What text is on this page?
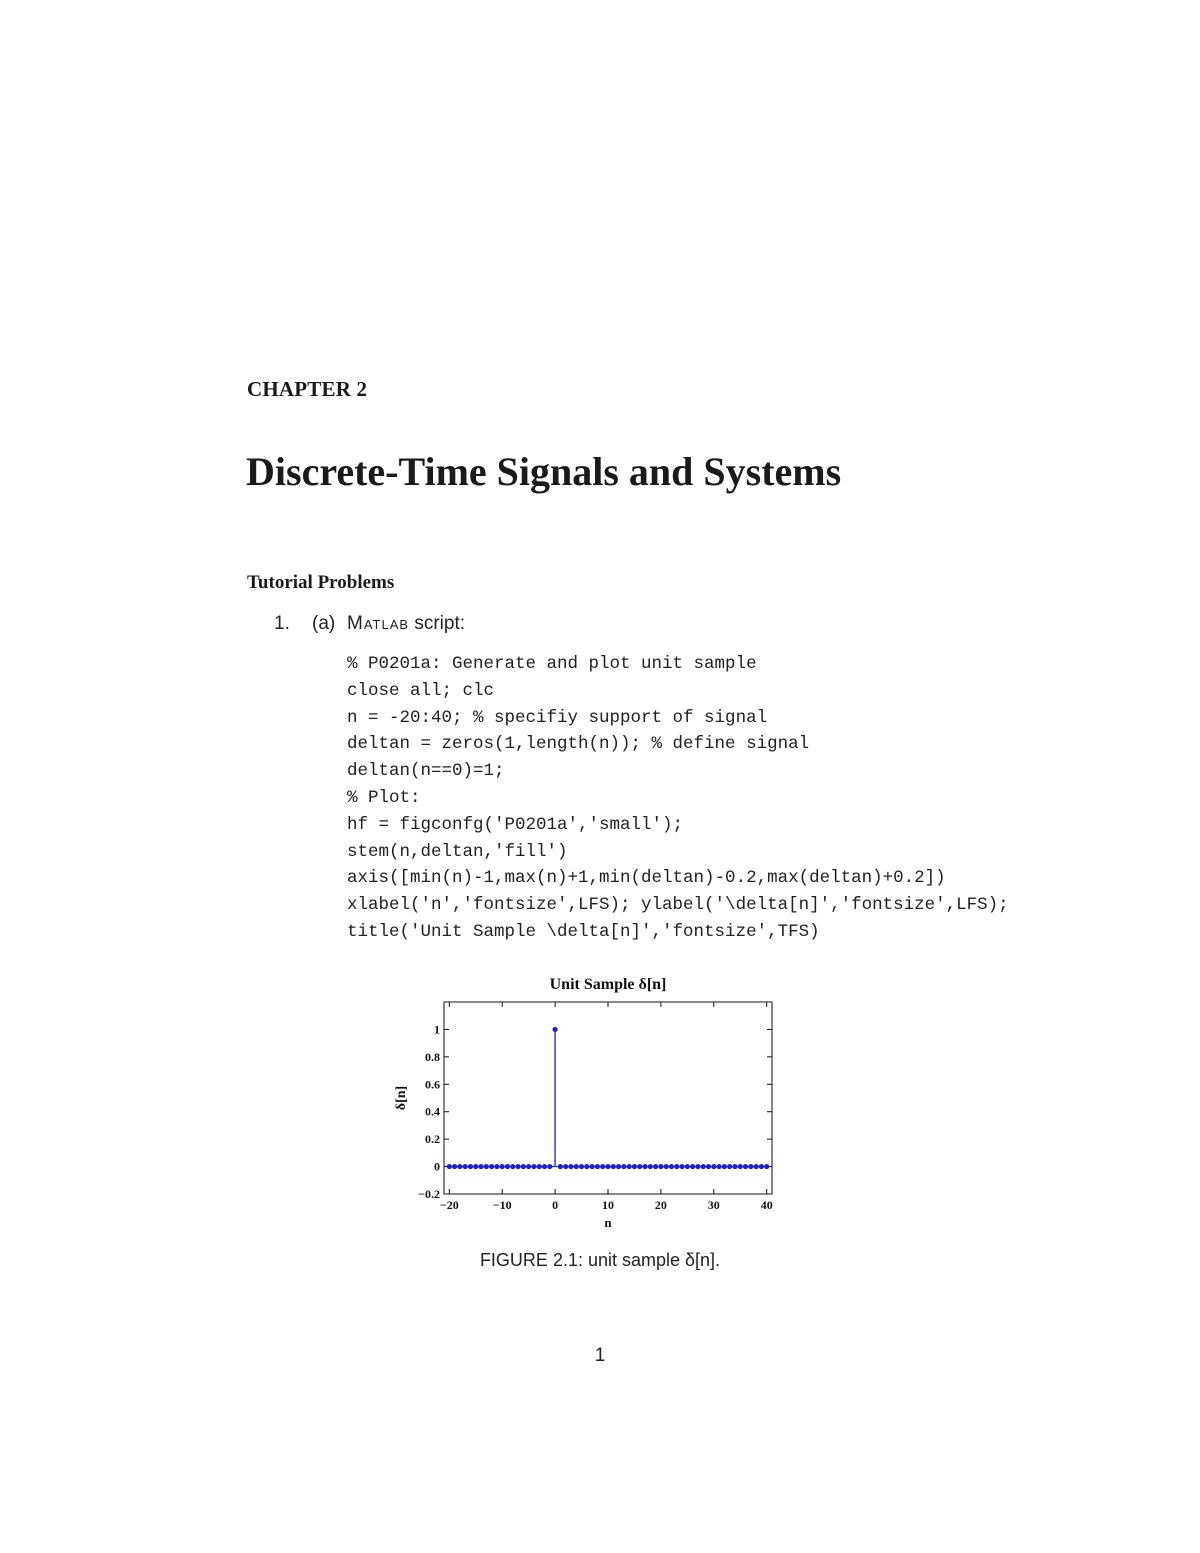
CHAPTER 2
Discrete-Time Signals and Systems
Tutorial Problems
1. (a) Matlab script:
% P0201a: Generate and plot unit sample
close all; clc
n = -20:40; % specifiy support of signal
deltan = zeros(1,length(n)); % define signal
deltan(n==0)=1;
% Plot:
hf = figconfg('P0201a','small');
stem(n,deltan,'fill')
axis([min(n)-1,max(n)+1,min(deltan)-0.2,max(deltan)+0.2])
xlabel('n','fontsize',LFS); ylabel('\delta[n]','fontsize',LFS);
title('Unit Sample \delta[n]','fontsize',TFS)
Unit Sample δ[n]
−20	−10	0	10	20	30	40
−0.2
0
0.2
0.4
0.6
0.8
1
n
δ[n]
FIGURE 2.1: unit sample δ[n].
1
